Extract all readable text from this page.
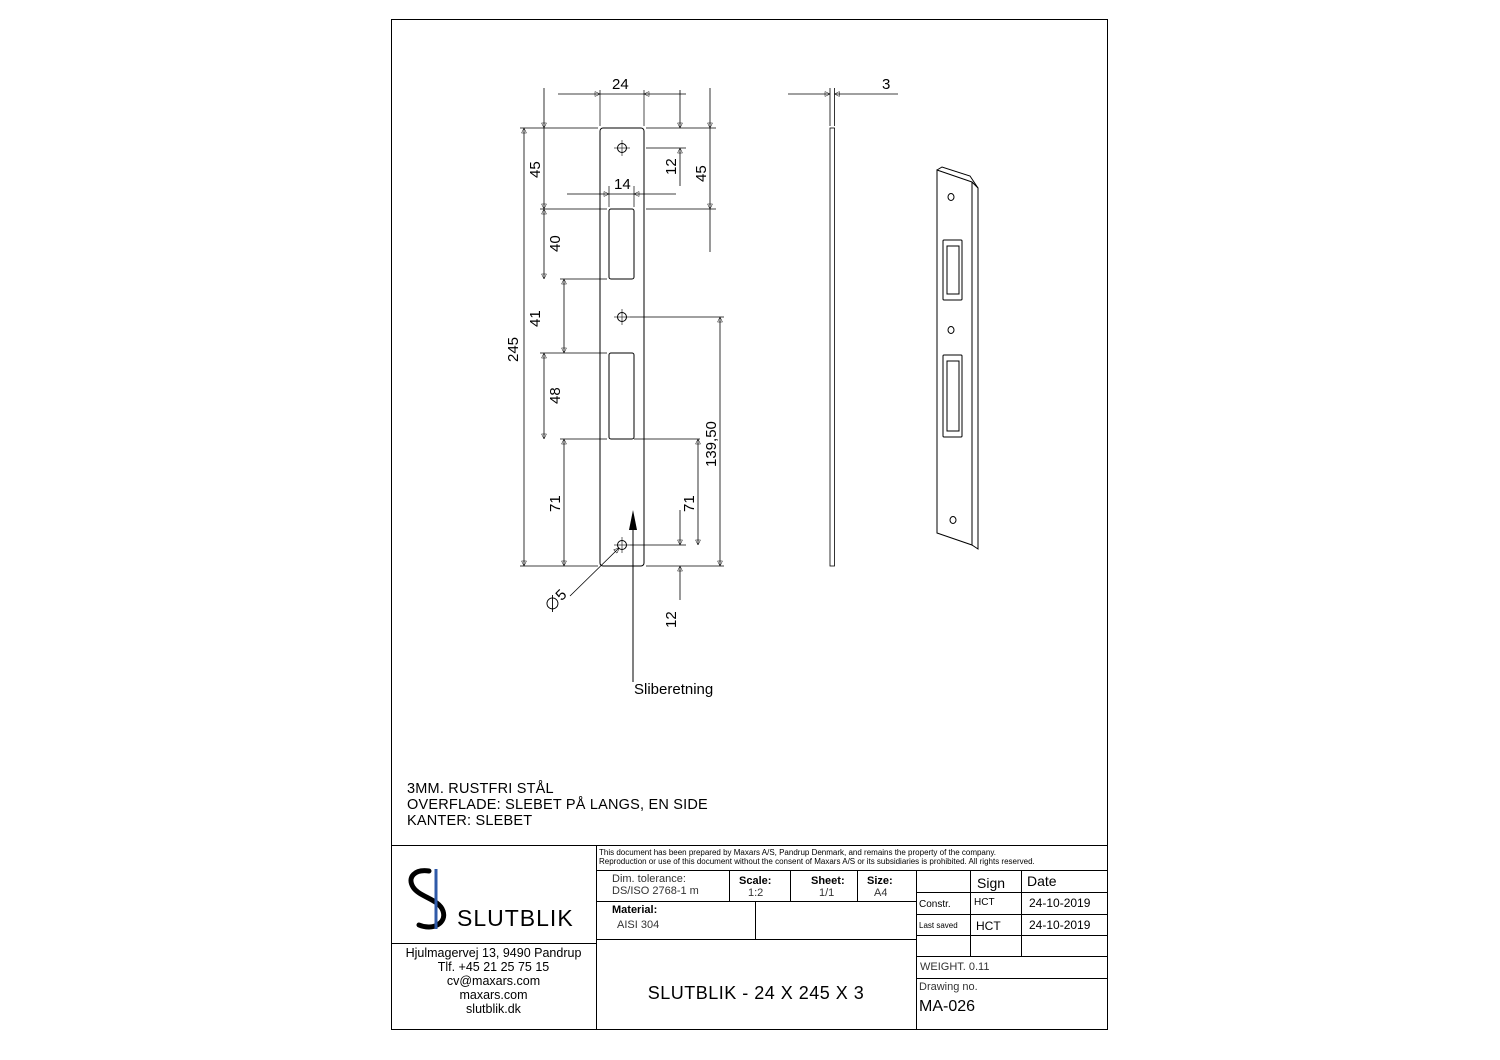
24	3
14
45	45
12
40
41
245
48
139,50
71	71
12
5
Sliberetning
3MM. RUSTFRI STÅL
OVERFLADE: SLEBET PÅ LANGS, EN SIDE
KANTER: SLEBET
SLUTBLIK
Hjulmagervej 13, 9490 Pandrup
Tlf. +45 21 25 75 15
cv@maxars.com
maxars.com
slutblik.dk
This document has been prepared by Maxars A/S, Pandrup Denmark, and remains the property of the company.
Reproduction or use of this document without the consent of Maxars A/S or its subsidiaries is prohibited. All rights reserved.
Dim. tolerance:
DS/ISO 2768-1 m
Scale:
1:2
Sheet:
1/1
Size:
A4
Material:
AISI 304
Sign Date
Constr. HCT	24-10-2019
Last saved HCT 24-10-2019
WEIGHT. 0.11
Drawing no.
MA-026
SLUTBLIK - 24 X 245 X 3
